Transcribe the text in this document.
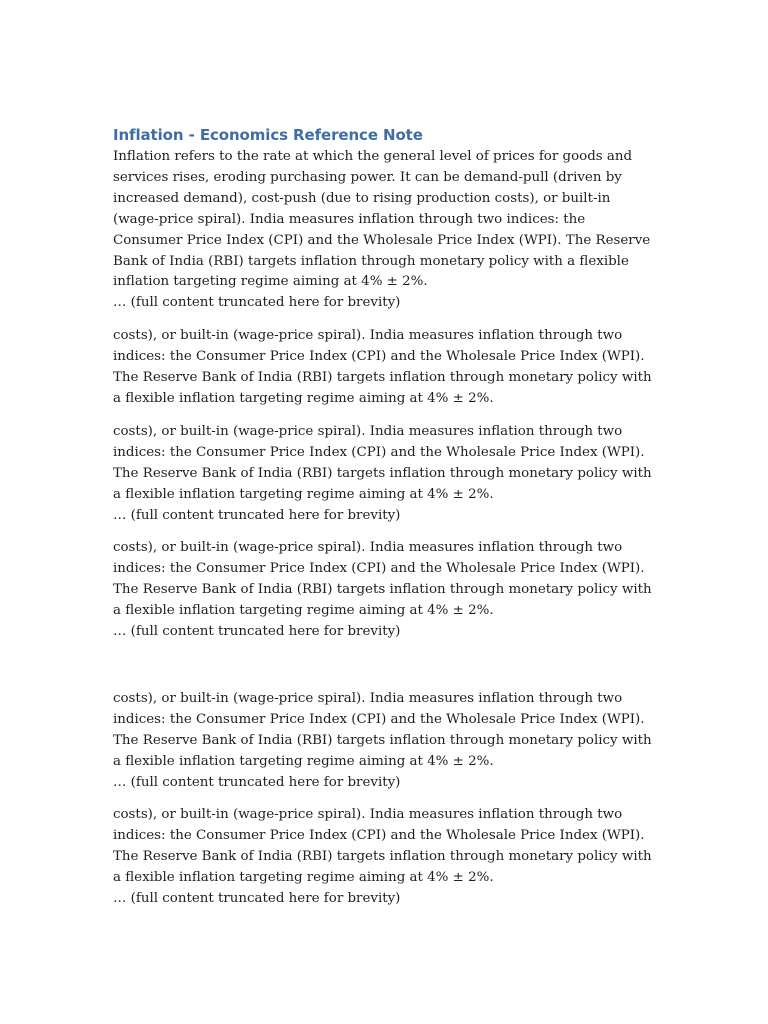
Inflation - Economics Reference Note

Inflation refers to the rate at which the general level of prices for goods and services rises, eroding purchasing power. It can be demand-pull (driven by increased demand), cost-push (due to rising production costs), or built-in (wage-price spiral). India measures inflation through two indices: the Consumer Price Index (CPI) and the Wholesale Price Index (WPI). The Reserve Bank of India (RBI) targets inflation through monetary policy with a flexible inflation targeting regime aiming at 4% ± 2%.

… (full content truncated here for brevity)

costs), or built-in (wage-price spiral). India measures inflation through two indices: the Consumer Price Index (CPI) and the Wholesale Price Index (WPI). The Reserve Bank of India (RBI) targets inflation through monetary policy with a flexible inflation targeting regime aiming at 4% ± 2%.

costs), or built-in (wage-price spiral). India measures inflation through two indices: the Consumer Price Index (CPI) and the Wholesale Price Index (WPI). The Reserve Bank of India (RBI) targets inflation through monetary policy with a flexible inflation targeting regime aiming at 4% ± 2%.

… (full content truncated here for brevity)

costs), or built-in (wage-price spiral). India measures inflation through two indices: the Consumer Price Index (CPI) and the Wholesale Price Index (WPI). The Reserve Bank of India (RBI) targets inflation through monetary policy with a flexible inflation targeting regime aiming at 4% ± 2%.

… (full content truncated here for brevity)

costs), or built-in (wage-price spiral). India measures inflation through two indices: the Consumer Price Index (CPI) and the Wholesale Price Index (WPI). The Reserve Bank of India (RBI) targets inflation through monetary policy with a flexible inflation targeting regime aiming at 4% ± 2%.

… (full content truncated here for brevity)

costs), or built-in (wage-price spiral). India measures inflation through two indices: the Consumer Price Index (CPI) and the Wholesale Price Index (WPI). The Reserve Bank of India (RBI) targets inflation through monetary policy with a flexible inflation targeting regime aiming at 4% ± 2%.

… (full content truncated here for brevity)
